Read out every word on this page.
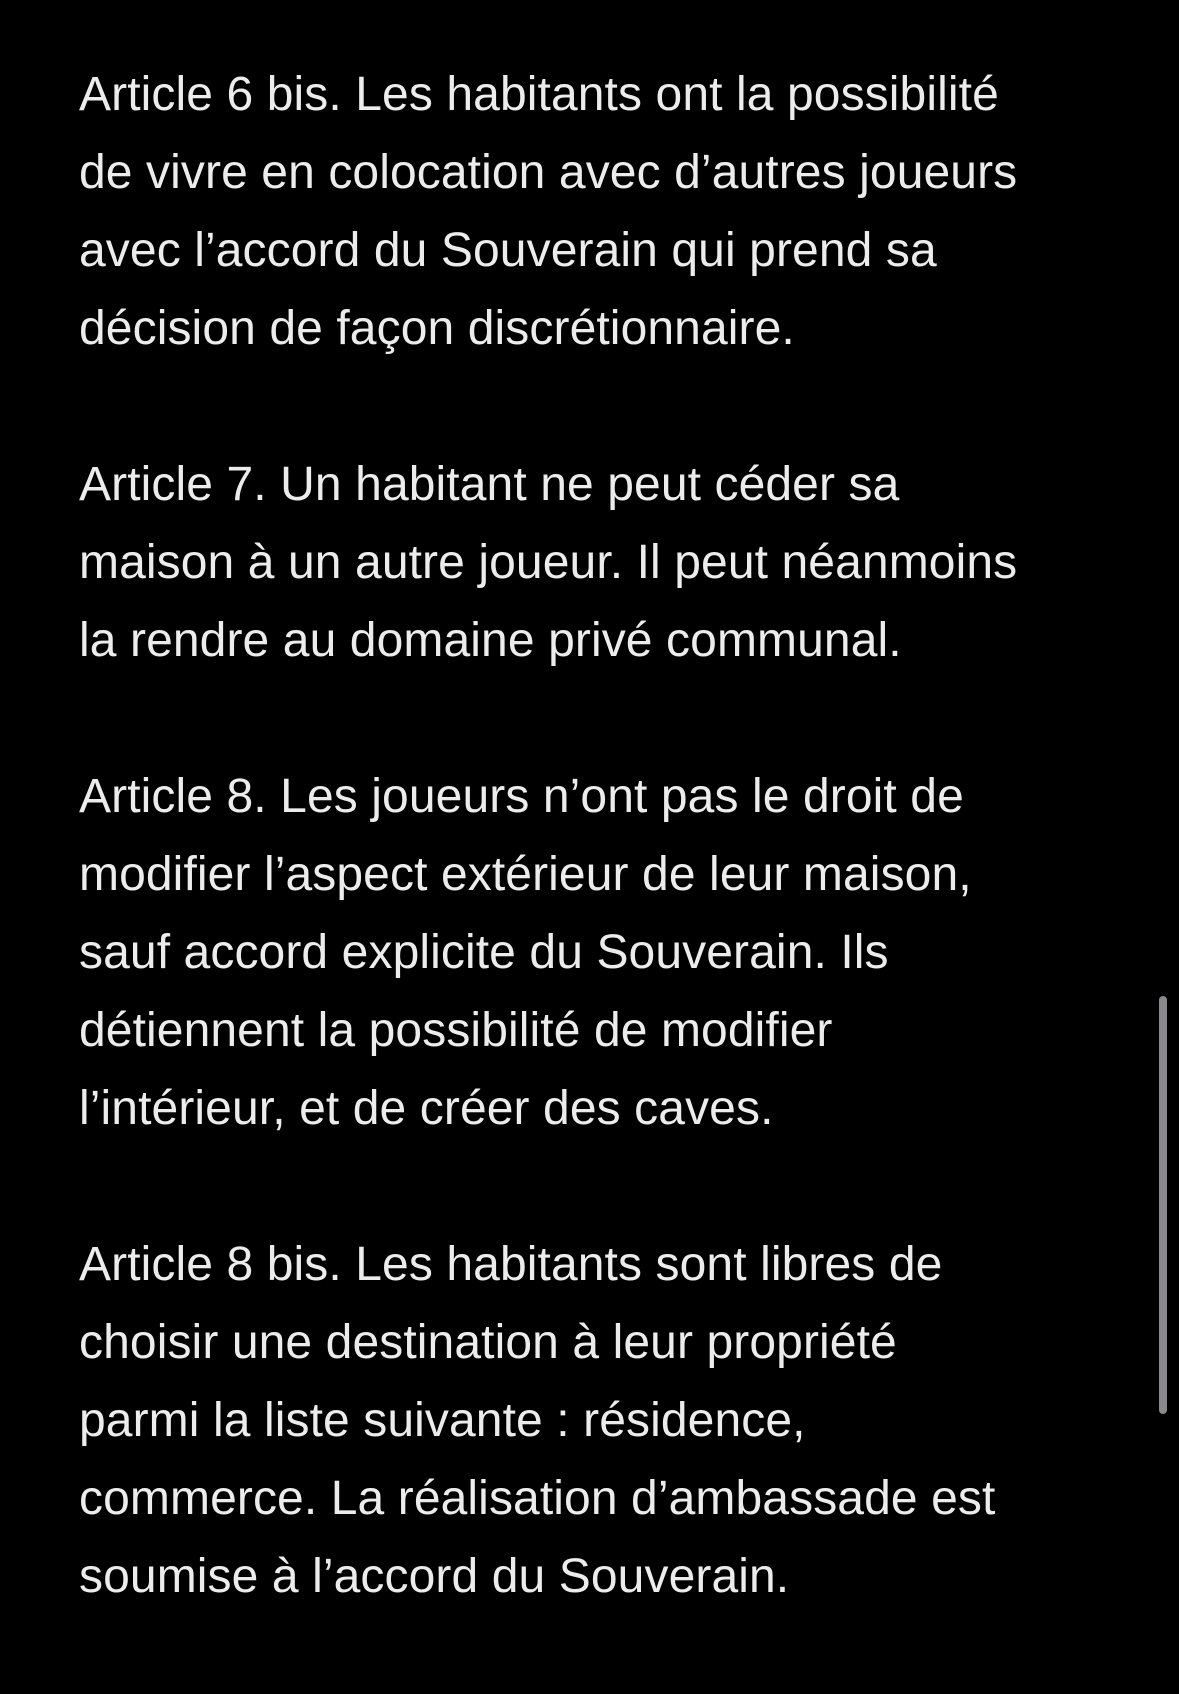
Article 6 bis. Les habitants ont la possibilité
de vivre en colocation avec d’autres joueurs
avec l’accord du Souverain qui prend sa
décision de façon discrétionnaire.

Article 7. Un habitant ne peut céder sa
maison à un autre joueur. Il peut néanmoins
la rendre au domaine privé communal.

Article 8. Les joueurs n’ont pas le droit de
modifier l’aspect extérieur de leur maison,
sauf accord explicite du Souverain. Ils
détiennent la possibilité de modifier
l’intérieur, et de créer des caves.

Article 8 bis. Les habitants sont libres de
choisir une destination à leur propriété
parmi la liste suivante : résidence,
commerce. La réalisation d’ambassade est
soumise à l’accord du Souverain.
